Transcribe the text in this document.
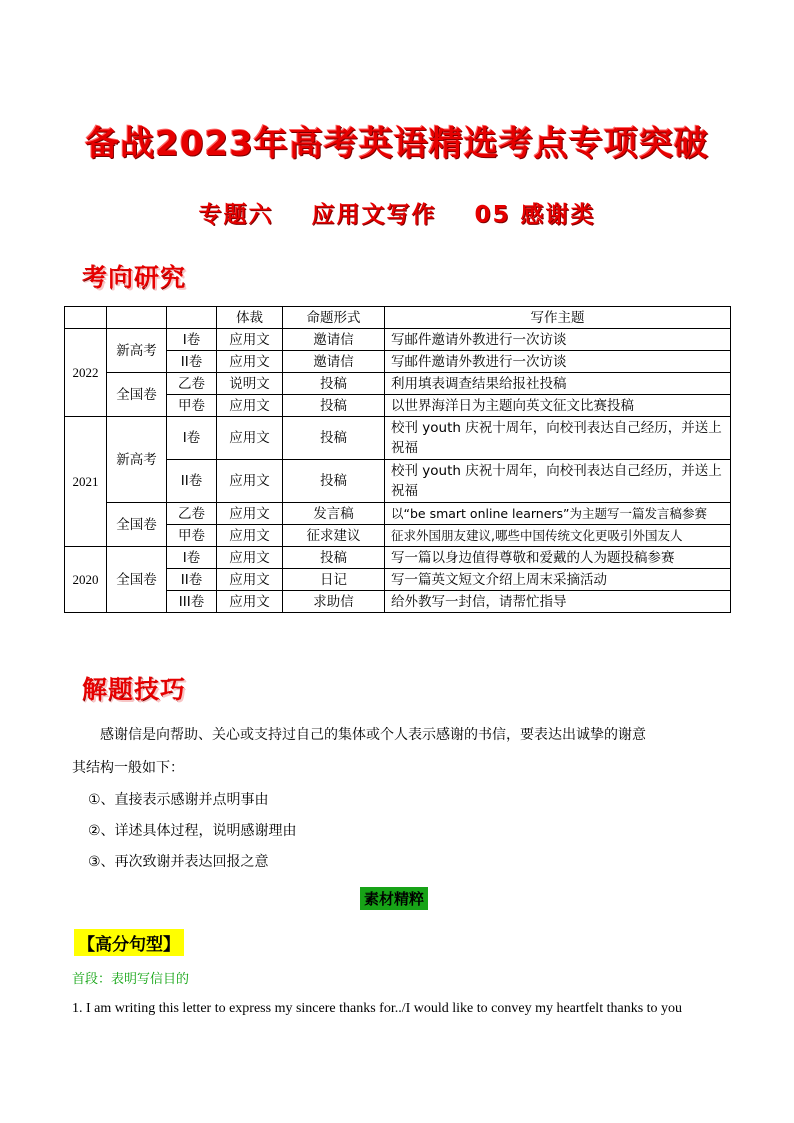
备战2023年高考英语精选考点专项突破
专题六 应用文写作 05 感谢类
考向研究
			体裁	命题形式	写作主题
2022	新高考	I卷	应用文	邀请信	写邮件邀请外教进行一次访谈
		II卷	应用文	邀请信	写邮件邀请外教进行一次访谈
	全国卷	乙卷	说明文	投稿	利用填表调查结果给报社投稿
		甲卷	应用文	投稿	以世界海洋日为主题向英文征文比赛投稿
2021	新高考	I卷	应用文	投稿	校刊 youth 庆祝十周年，向校刊表达自己经历，并送上祝福
		II卷	应用文	投稿	校刊 youth 庆祝十周年，向校刊表达自己经历，并送上祝福
	全国卷	乙卷	应用文	发言稿	以“be smart online learners”为主题写一篇发言稿参赛
		甲卷	应用文	征求建议	征求外国朋友建议,哪些中国传统文化更吸引外国友人
2020	全国卷	I卷	应用文	投稿	写一篇以身边值得尊敬和爱戴的人为题投稿参赛
		II卷	应用文	日记	写一篇英文短文介绍上周末采摘活动
		III卷	应用文	求助信	给外教写一封信，请帮忙指导
解题技巧
感谢信是向帮助、关心或支持过自己的集体或个人表示感谢的书信，要表达出诚挚的谢意
其结构一般如下：
①、直接表示感谢并点明事由
②、详述具体过程，说明感谢理由
③、再次致谢并表达回报之意
素材精粹
【高分句型】
首段：表明写信目的
1. I am writing this letter to express my sincere thanks for../I would like to convey my heartfelt thanks to you
